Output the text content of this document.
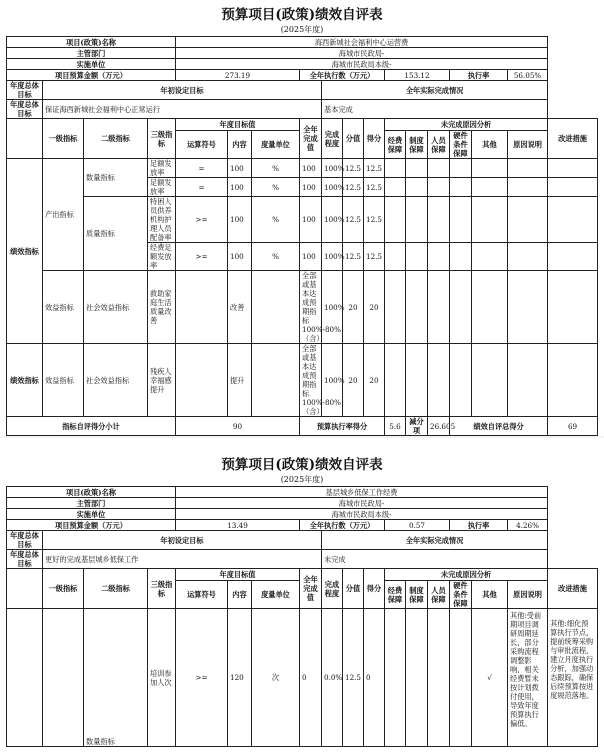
预算项目(政策)绩效自评表
(2025年度)
项目(政策)名称				海西新城社会福利中心运营费													
主管部门				海城市民政局-													
实施单位				海城市民政局本级-													
项目预算金额（万元）				273.19			全年执行数（万元）				153.12			执行率		56.05%	
年度总体目标	年初设定目标							全年实际完成情况									
年度总体目标	保证海西新城社会福利中心正常运行							基本完成									
	一级指标	二级指标	三级指标	年度目标值			全年完成值	完成程度	分值	得分	未完成原因分析						改进措施
				运算符号	内容	度量单位					经费保障	制度保障	人员保障	硬件条件保障	其他	原因说明	

绩效指标	产出指标	数量指标	足额发放率	=	100	%	100	100%	12.5	12.5							
			足额发放率	=	100	%	100	100%	12.5	12.5							
		质量指标	特困人员供养机构护理人员配备率	>=	100	%	100	100%	12.5	12.5							
			经费足额发放率	>=	100	%	100	100%	12.5	12.5							
	效益指标	社会效益指标	救助家庭生活质量改善		改善		全部或基本达成预期指标100%-80%（含）	100%	20	20							
绩效指标	效益指标	社会效益指标	残疾人幸福感提升		提升		全部或基本达成预期指标100%-80%（含）	100%	20	20							
指标自评得分小计				90			预算执行率得分				5.6	减分项	26.605	绩效自评总得分			69
预算项目(政策)绩效自评表
(2025年度)
项目(政策)名称				基层城乡低保工作经费													
主管部门				海城市民政局-													
实施单位				海城市民政局本级-													
项目预算金额（万元）				13.49			全年执行数（万元）				0.57			执行率		4.26%	
年度总体目标	年初设定目标							全年实际完成情况									
年度总体目标	更好的完成基层城乡低保工作							未完成									
	一级指标	二级指标	三级指标	年度目标值			全年完成值	完成程度	分值	得分	未完成原因分析						改进措施
				运算符号	内容	度量单位					经费保障	制度保障	人员保障	硬件条件保障	其他	原因说明	

		数量指标	培训参加人次	>=	120	次	0	0.0%	12.5	0					√	其他:受前期项目调研周期延长，部分采购流程调整影响，相关经费暂未按计划拨付使用，导致年度预算执行偏低。	其他:细化预算执行节点，提前统筹采购与审批流程，建立月度执行分析，加强动态跟踪，确保后续预算按进度规范落地。
